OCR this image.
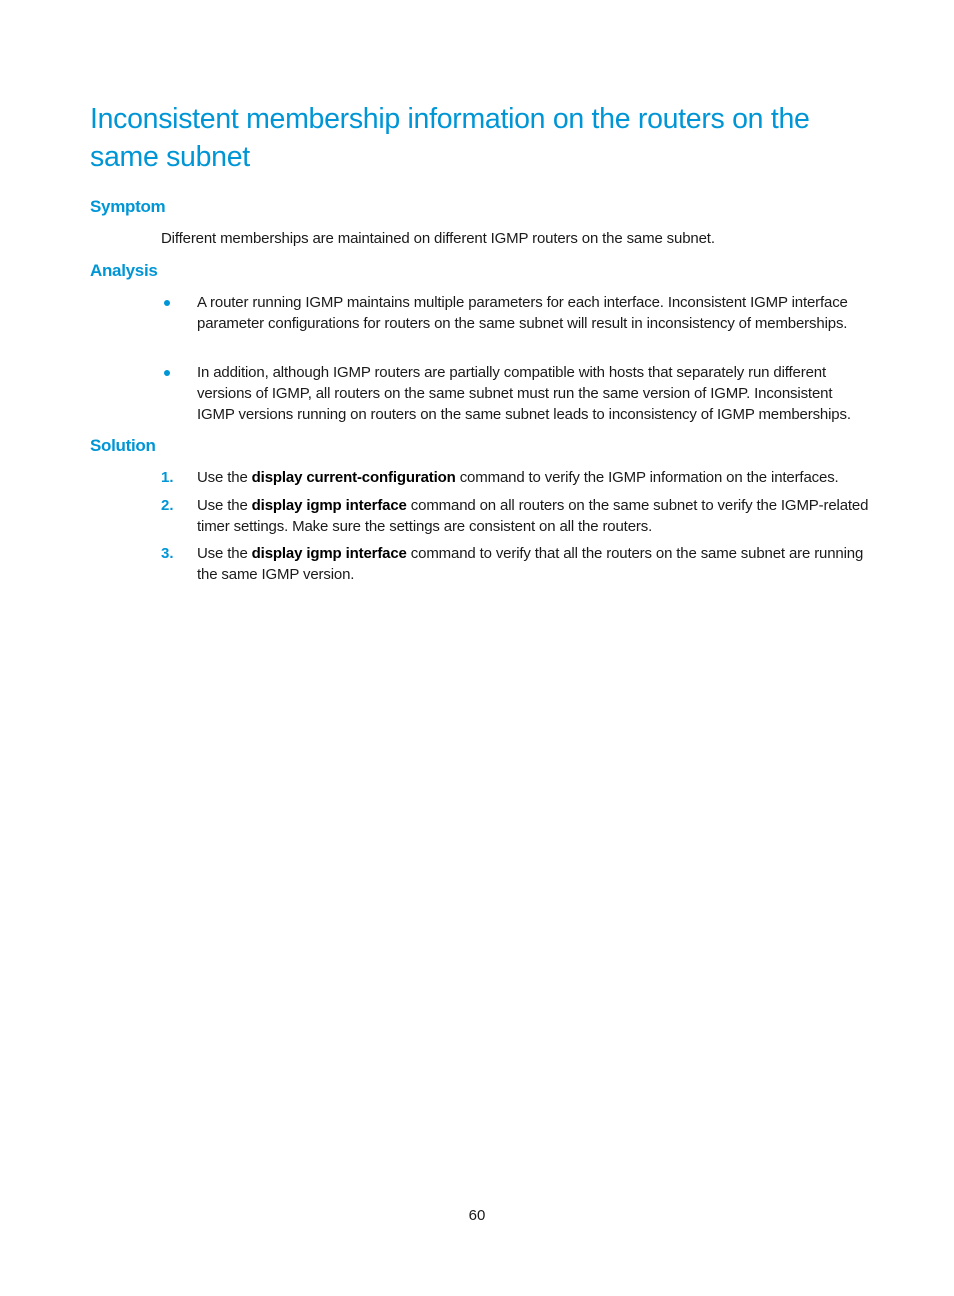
Inconsistent membership information on the routers on the same subnet
Symptom

Different memberships are maintained on different IGMP routers on the same subnet.

Analysis

A router running IGMP maintains multiple parameters for each interface. Inconsistent IGMP interface parameter configurations for routers on the same subnet will result in inconsistency of memberships.

In addition, although IGMP routers are partially compatible with hosts that separately run different versions of IGMP, all routers on the same subnet must run the same version of IGMP. Inconsistent IGMP versions running on routers on the same subnet leads to inconsistency of IGMP memberships.

Solution
1. Use the display current-configuration command to verify the IGMP information on the interfaces.

2. Use the display igmp interface command on all routers on the same subnet to verify the IGMP-related timer settings. Make sure the settings are consistent on all the routers.

3. Use the display igmp interface command to verify that all the routers on the same subnet are running the same IGMP version.

60
